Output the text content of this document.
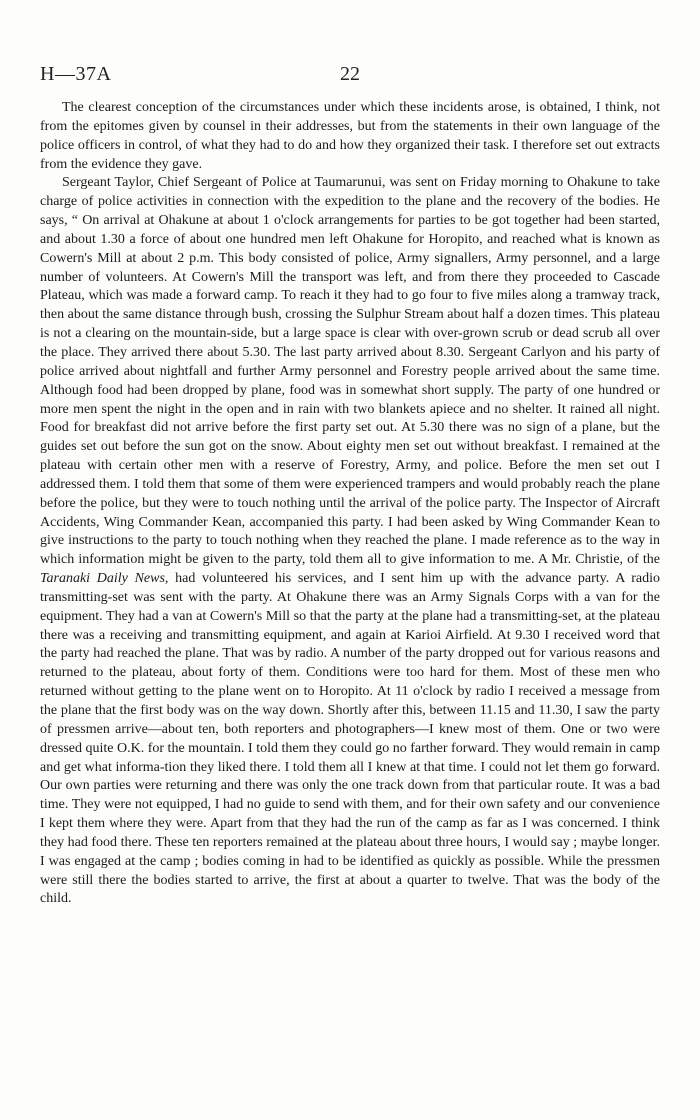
H—37A	22

The clearest conception of the circumstances under which these incidents arose, is obtained, I think, not from the epitomes given by counsel in their addresses, but from the statements in their own language of the police officers in control, of what they had to do and how they organized their task. I therefore set out extracts from the evidence they gave.

Sergeant Taylor, Chief Sergeant of Police at Taumarunui, was sent on Friday morning to Ohakune to take charge of police activities in connection with the expedition to the plane and the recovery of the bodies. He says, “ On arrival at Ohakune at about 1 o'clock arrangements for parties to be got together had been started, and about 1.30 a force of about one hundred men left Ohakune for Horopito, and reached what is known as Cowern's Mill at about 2 p.m. This body consisted of police, Army signallers, Army personnel, and a large number of volunteers. At Cowern's Mill the transport was left, and from there they proceeded to Cascade Plateau, which was made a forward camp. To reach it they had to go four to five miles along a tramway track, then about the same distance through bush, crossing the Sulphur Stream about half a dozen times. This plateau is not a clearing on the mountain-side, but a large space is clear with over-grown scrub or dead scrub all over the place. They arrived there about 5.30. The last party arrived about 8.30. Sergeant Carlyon and his party of police arrived about nightfall and further Army personnel and Forestry people arrived about the same time. Although food had been dropped by plane, food was in somewhat short supply. The party of one hundred or more men spent the night in the open and in rain with two blankets apiece and no shelter. It rained all night. Food for breakfast did not arrive before the first party set out. At 5.30 there was no sign of a plane, but the guides set out before the sun got on the snow. About eighty men set out without breakfast. I remained at the plateau with certain other men with a reserve of Forestry, Army, and police. Before the men set out I addressed them. I told them that some of them were experienced trampers and would probably reach the plane before the police, but they were to touch nothing until the arrival of the police party. The Inspector of Aircraft Accidents, Wing Commander Kean, accompanied this party. I had been asked by Wing Commander Kean to give instructions to the party to touch nothing when they reached the plane. I made reference as to the way in which information might be given to the party, told them all to give information to me. A Mr. Christie, of the Taranaki Daily News, had volunteered his services, and I sent him up with the advance party. A radio transmitting-set was sent with the party. At Ohakune there was an Army Signals Corps with a van for the equipment. They had a van at Cowern's Mill so that the party at the plane had a transmitting-set, at the plateau there was a receiving and transmitting equipment, and again at Karioi Airfield. At 9.30 I received word that the party had reached the plane. That was by radio. A number of the party dropped out for various reasons and returned to the plateau, about forty of them. Conditions were too hard for them. Most of these men who returned without getting to the plane went on to Horopito. At 11 o'clock by radio I received a message from the plane that the first body was on the way down. Shortly after this, between 11.15 and 11.30, I saw the party of pressmen arrive—about ten, both reporters and photographers—I knew most of them. One or two were dressed quite O.K. for the mountain. I told them they could go no farther forward. They would remain in camp and get what informa-tion they liked there. I told them all I knew at that time. I could not let them go forward. Our own parties were returning and there was only the one track down from that particular route. It was a bad time. They were not equipped, I had no guide to send with them, and for their own safety and our convenience I kept them where they were. Apart from that they had the run of the camp as far as I was concerned. I think they had food there. These ten reporters remained at the plateau about three hours, I would say ; maybe longer. I was engaged at the camp ; bodies coming in had to be identified as quickly as possible. While the pressmen were still there the bodies started to arrive, the first at about a quarter to twelve. That was the body of the child.
